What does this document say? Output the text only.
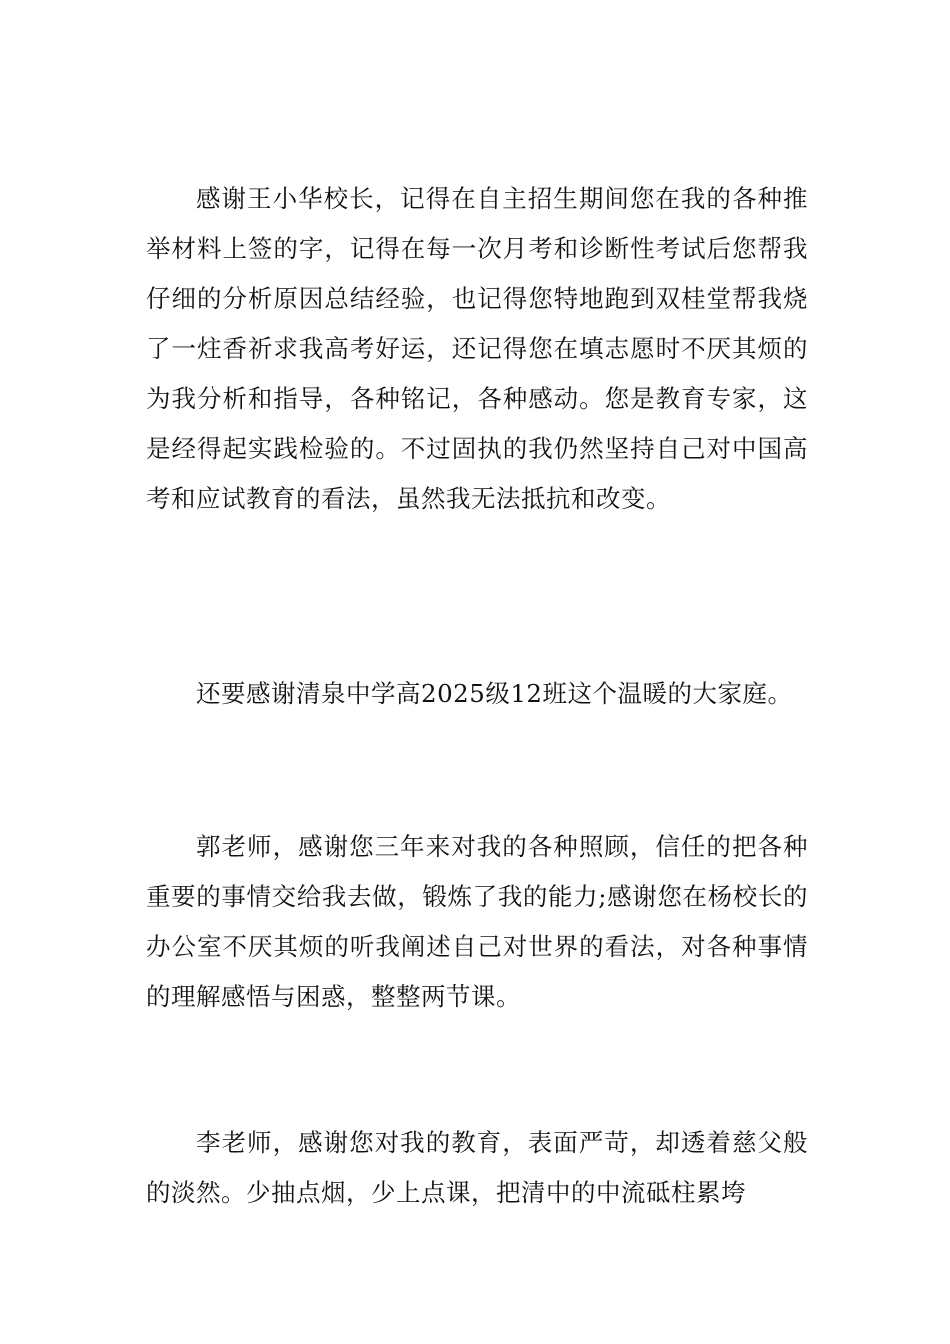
感谢王小华校长，记得在自主招生期间您在我的各种推举材料上签的字，记得在每一次月考和诊断性考试后您帮我仔细的分析原因总结经验，也记得您特地跑到双桂堂帮我烧了一炷香祈求我高考好运，还记得您在填志愿时不厌其烦的为我分析和指导，各种铭记，各种感动。您是教育专家，这是经得起实践检验的。不过固执的我仍然坚持自己对中国高考和应试教育的看法，虽然我无法抵抗和改变。

还要感谢清泉中学高2025级12班这个温暖的大家庭。

郭老师，感谢您三年来对我的各种照顾，信任的把各种重要的事情交给我去做，锻炼了我的能力;感谢您在杨校长的办公室不厌其烦的听我阐述自己对世界的看法，对各种事情的理解感悟与困惑，整整两节课。

李老师，感谢您对我的教育，表面严苛，却透着慈父般的淡然。少抽点烟，少上点课，把清中的中流砥柱累垮
